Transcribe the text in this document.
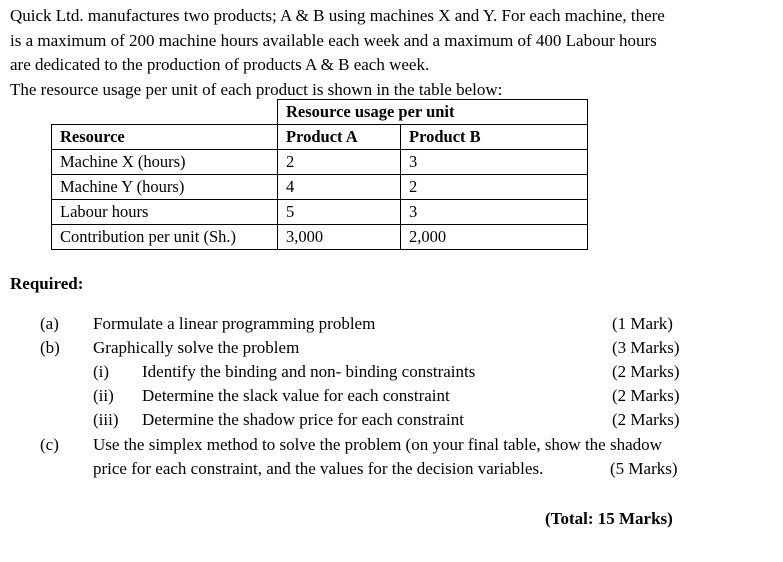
Quick Ltd. manufactures two products; A & B using machines X and Y. For each machine, there

is a maximum of 200 machine hours available each week and a maximum of 400 Labour hours

are dedicated to the production of products A & B each week.

The resource usage per unit of each product is shown in the table below:

	Resource usage per unit	
Resource	Product A	Product B
Machine X (hours)	2	3
Machine Y (hours)	4	2
Labour hours	5	3
Contribution per unit (Sh.)	3,000	2,000
Required:
(a) Formulate a linear programming problem	(1 Mark)
(b) Graphically solve the problem	(3 Marks)
(i) Identify the binding and non- binding constraints	(2 Marks)
(ii) Determine the slack value for each constraint	(2 Marks)
(iii) Determine the shadow price for each constraint	(2 Marks)
(c) Use the simplex method to solve the problem (on your final table, show the shadow
price for each constraint, and the values for the decision variables.	(5 Marks)
(Total: 15 Marks)
